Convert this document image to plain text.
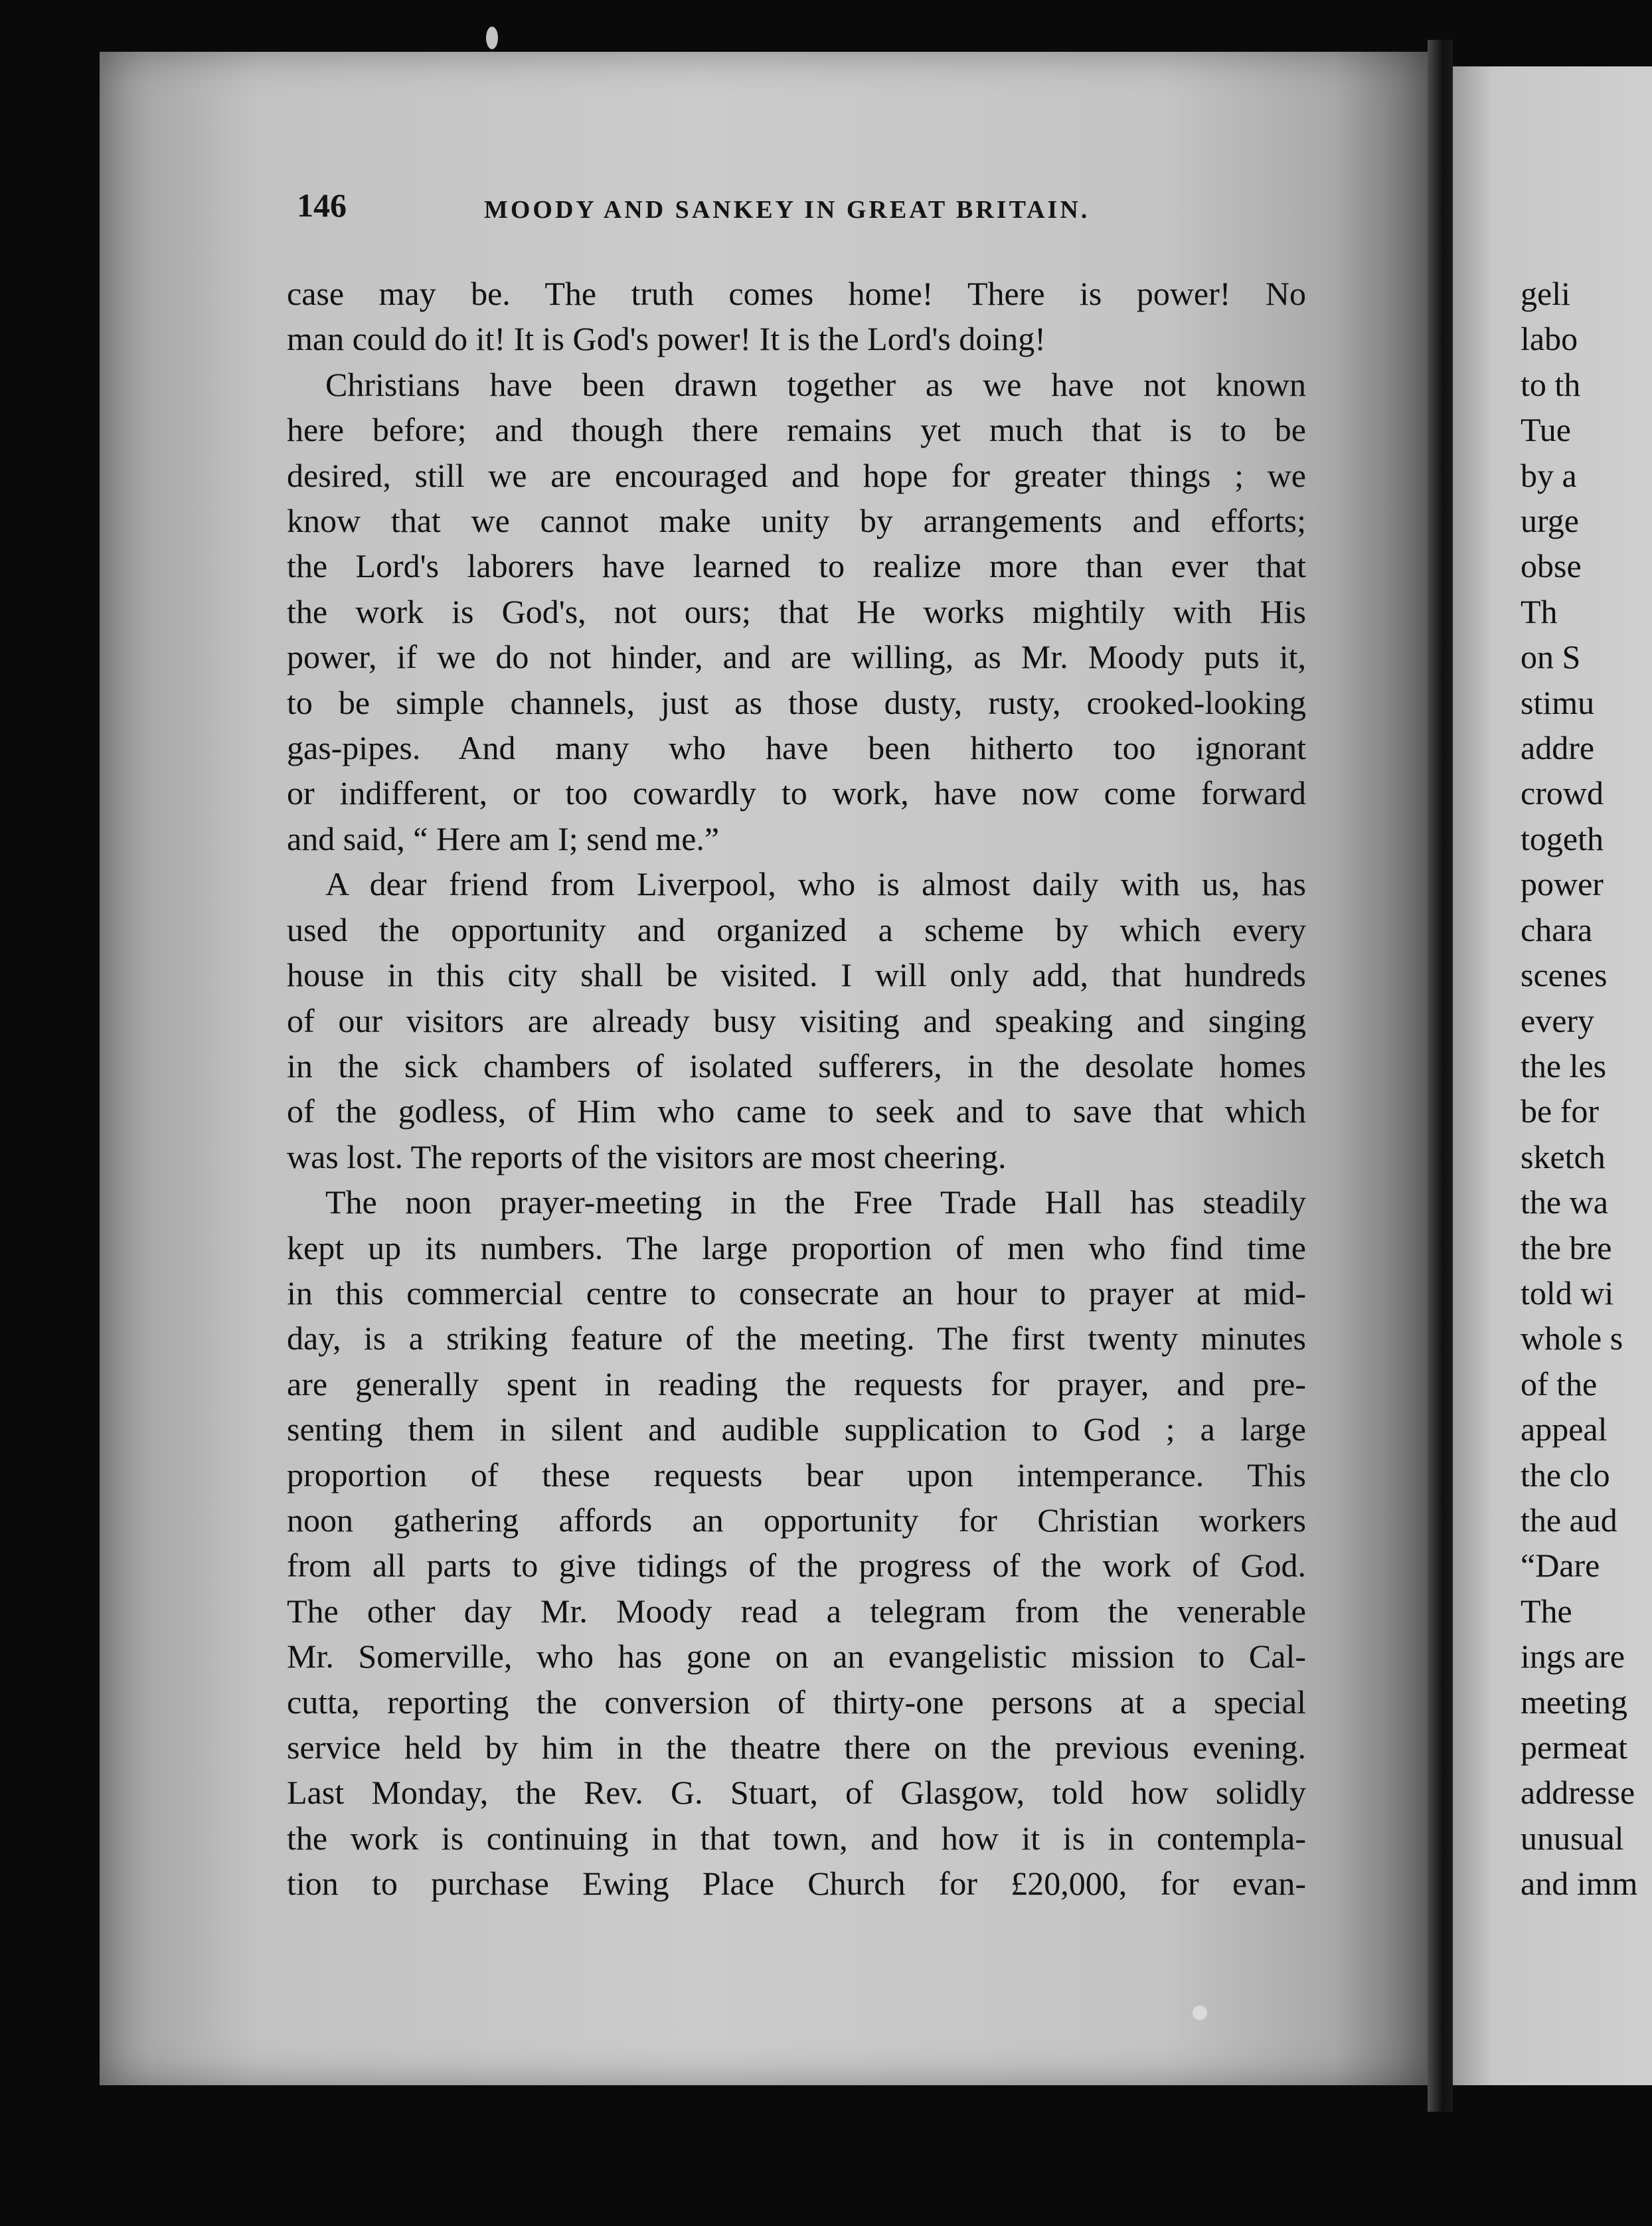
146	MOODY AND SANKEY IN GREAT BRITAIN.
case may be. The truth comes home! There is power! No
man could do it! It is God's power! It is the Lord's doing!
Christians have been drawn together as we have not known
here before; and though there remains yet much that is to be
desired, still we are encouraged and hope for greater things ; we
know that we cannot make unity by arrangements and efforts;
the Lord's laborers have learned to realize more than ever that
the work is God's, not ours; that He works mightily with His
power, if we do not hinder, and are willing, as Mr. Moody puts it,
to be simple channels, just as those dusty, rusty, crooked-looking
gas-pipes. And many who have been hitherto too ignorant
or indifferent, or too cowardly to work, have now come forward
and said, “ Here am I; send me.”
A dear friend from Liverpool, who is almost daily with us, has
used the opportunity and organized a scheme by which every
house in this city shall be visited. I will only add, that hundreds
of our visitors are already busy visiting and speaking and singing
in the sick chambers of isolated sufferers, in the desolate homes
of the godless, of Him who came to seek and to save that which
was lost. The reports of the visitors are most cheering.
The noon prayer-meeting in the Free Trade Hall has steadily
kept up its numbers. The large proportion of men who find time
in this commercial centre to consecrate an hour to prayer at mid-
day, is a striking feature of the meeting. The first twenty minutes
are generally spent in reading the requests for prayer, and pre-
senting them in silent and audible supplication to God ; a large
proportion of these requests bear upon intemperance. This
noon gathering affords an opportunity for Christian workers
from all parts to give tidings of the progress of the work of God.
The other day Mr. Moody read a telegram from the venerable
Mr. Somerville, who has gone on an evangelistic mission to Cal-
cutta, reporting the conversion of thirty-one persons at a special
service held by him in the theatre there on the previous evening.
Last Monday, the Rev. G. Stuart, of Glasgow, told how solidly
the work is continuing in that town, and how it is in contempla-
tion to purchase Ewing Place Church for £20,000, for evan-
geli
labo
to th
Tue
by a
urge
obse
Th
on S
stimu
addre
crowd
togeth
power
chara
scenes
every
the les
be for
sketch
the wa
the bre
told wi
whole s
of the
appeal
the clo
the aud
“Dare
The
ings are
meeting
permeat
addresse
unusual
and imm
